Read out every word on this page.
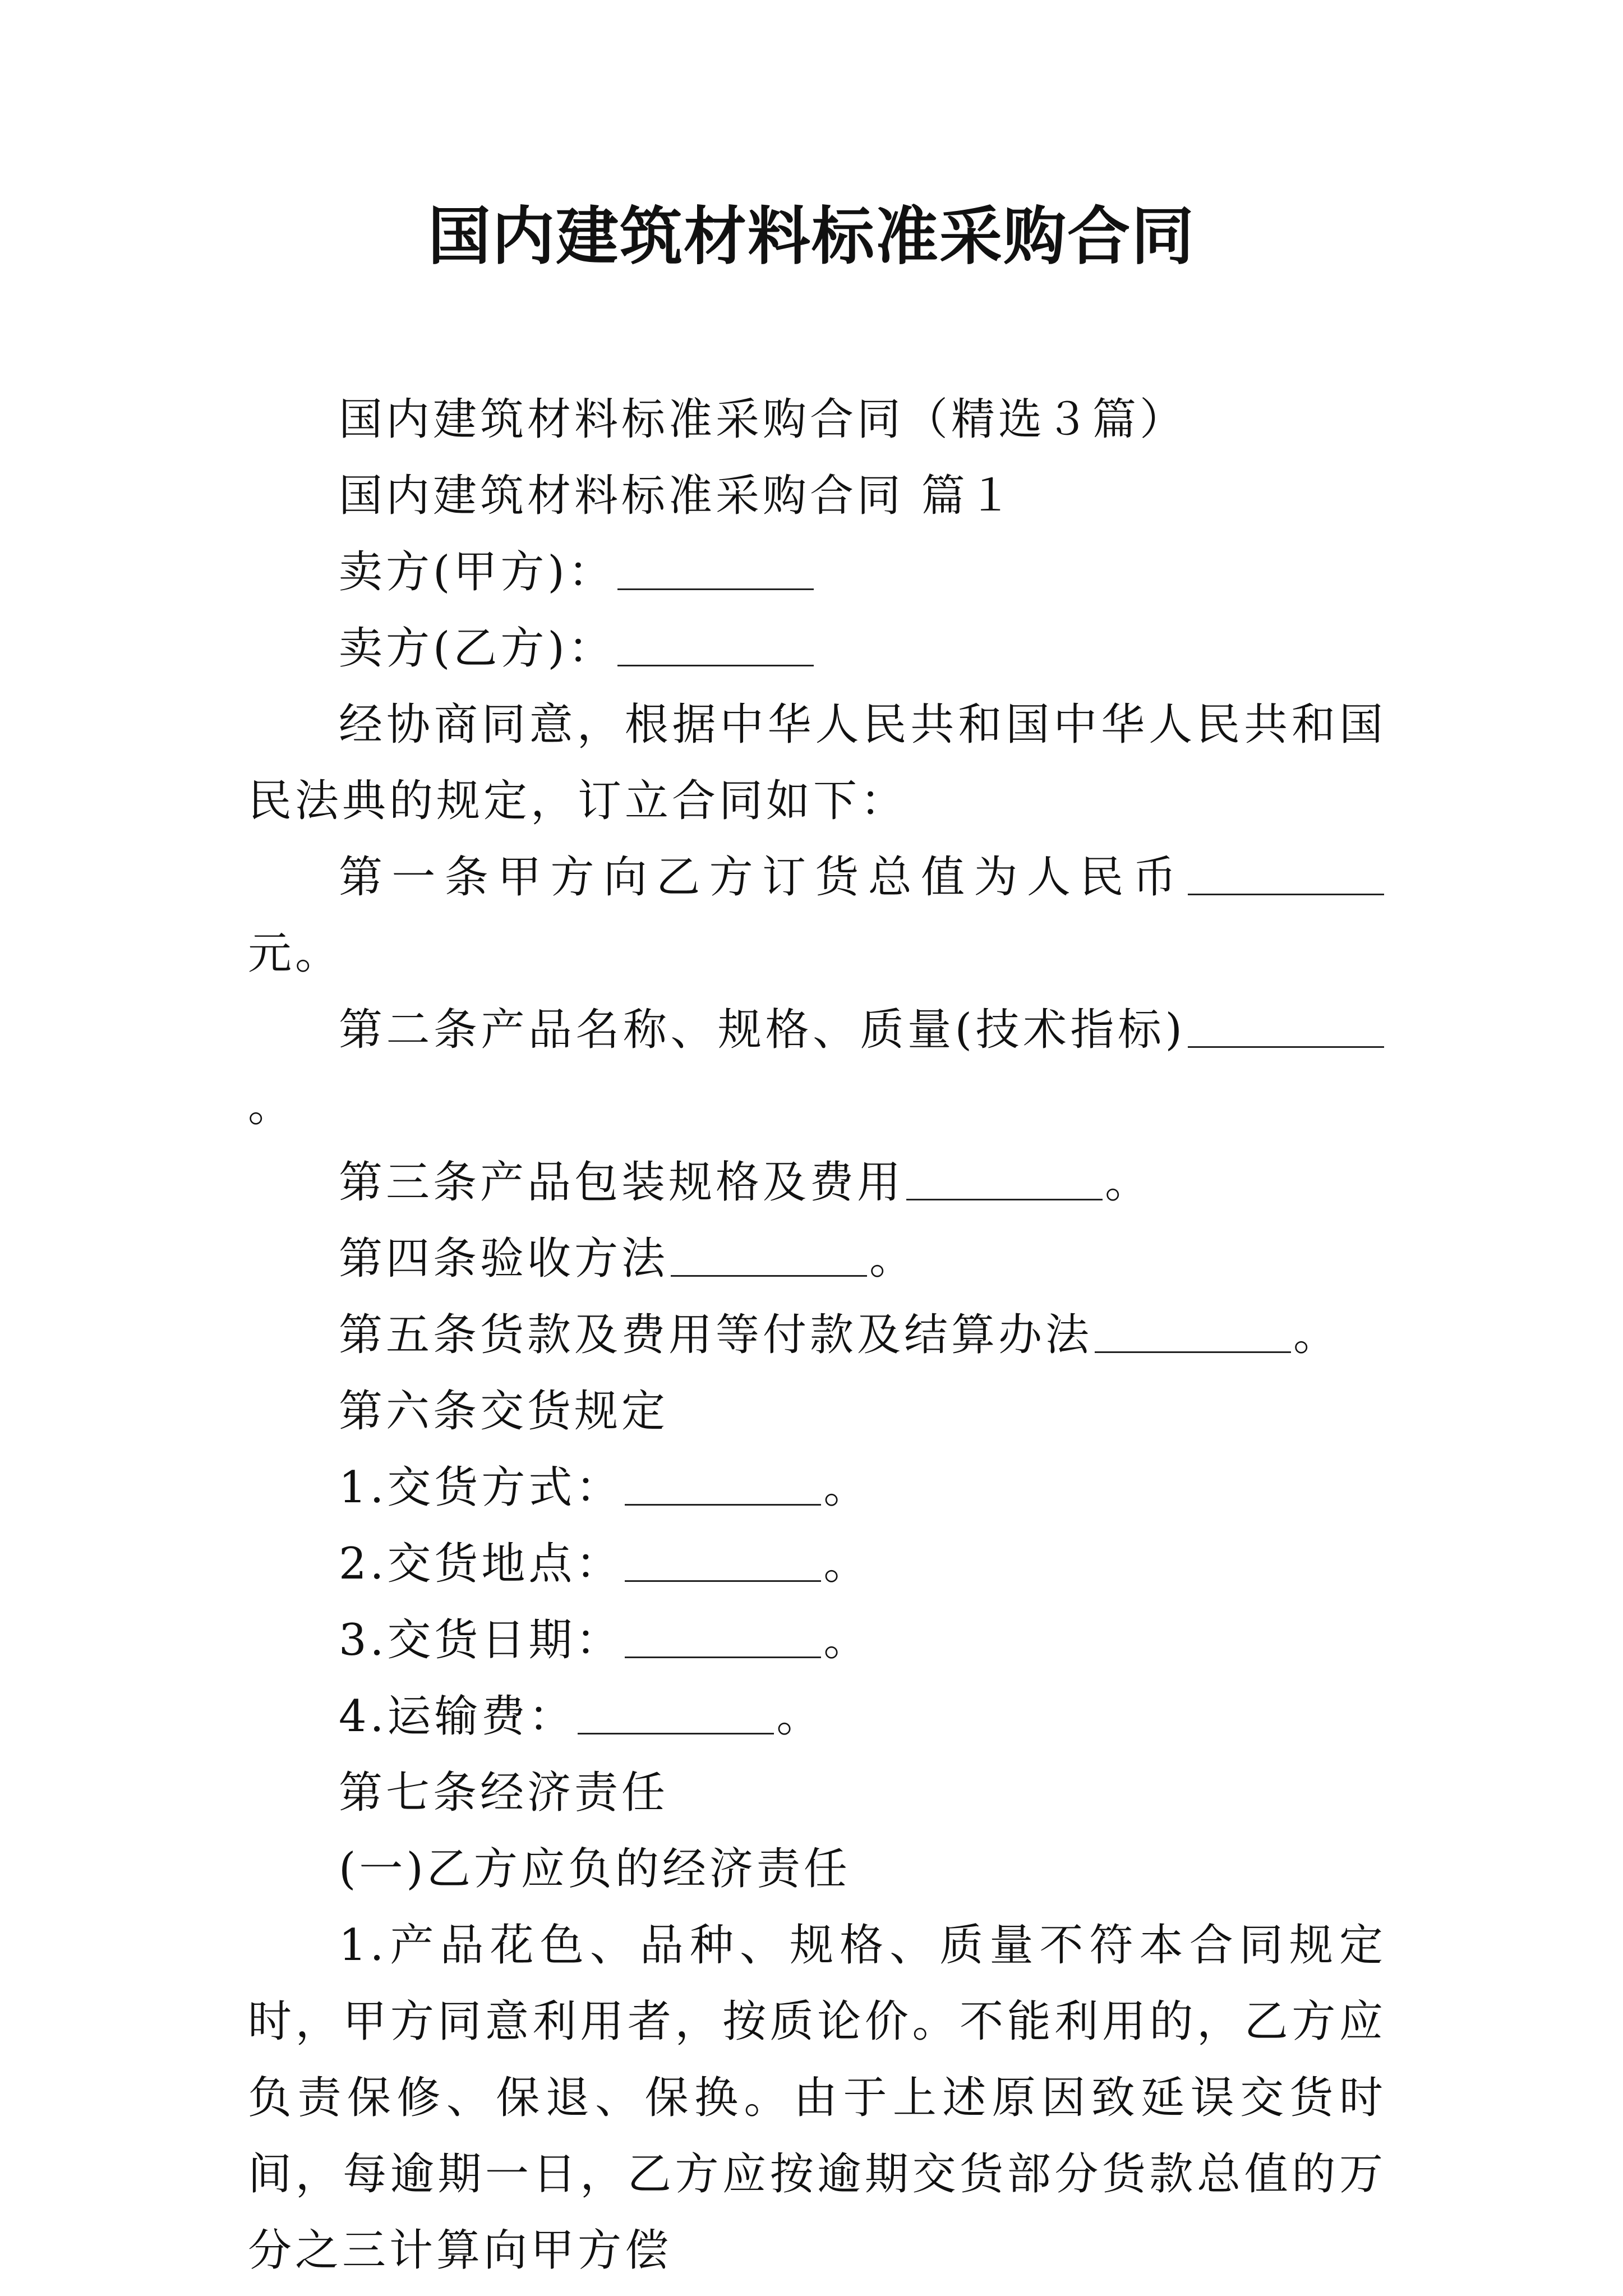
国内建筑材料标准采购合同

国内建筑材料标准采购合同（精选３篇）

国内建筑材料标准采购合同 篇１

卖方(甲方)：

卖方(乙方)：

经协商同意，根据中华人民共和国中华人民共和国民法典的规定，订立合同如下：

第一条甲方向乙方订货总值为人民币元。

第二条产品名称、规格、质量(技术指标)。

第三条产品包装规格及费用	。

第四条验收方法	。

第五条货款及费用等付款及结算办法	。

第六条交货规定

1.交货方式：	。

2.交货地点：	。

3.交货日期：	。

4.运输费：	。

第七条经济责任

(一)乙方应负的经济责任

1.产品花色、品种、规格、质量不符本合同规定时，甲方同意利用者，按质论价。不能利用的，乙方应负责保修、保退、保换。由于上述原因致延误交货时间，每逾期一日，乙方应按逾期交货部分货款总值的万分之三计算向甲方偿
